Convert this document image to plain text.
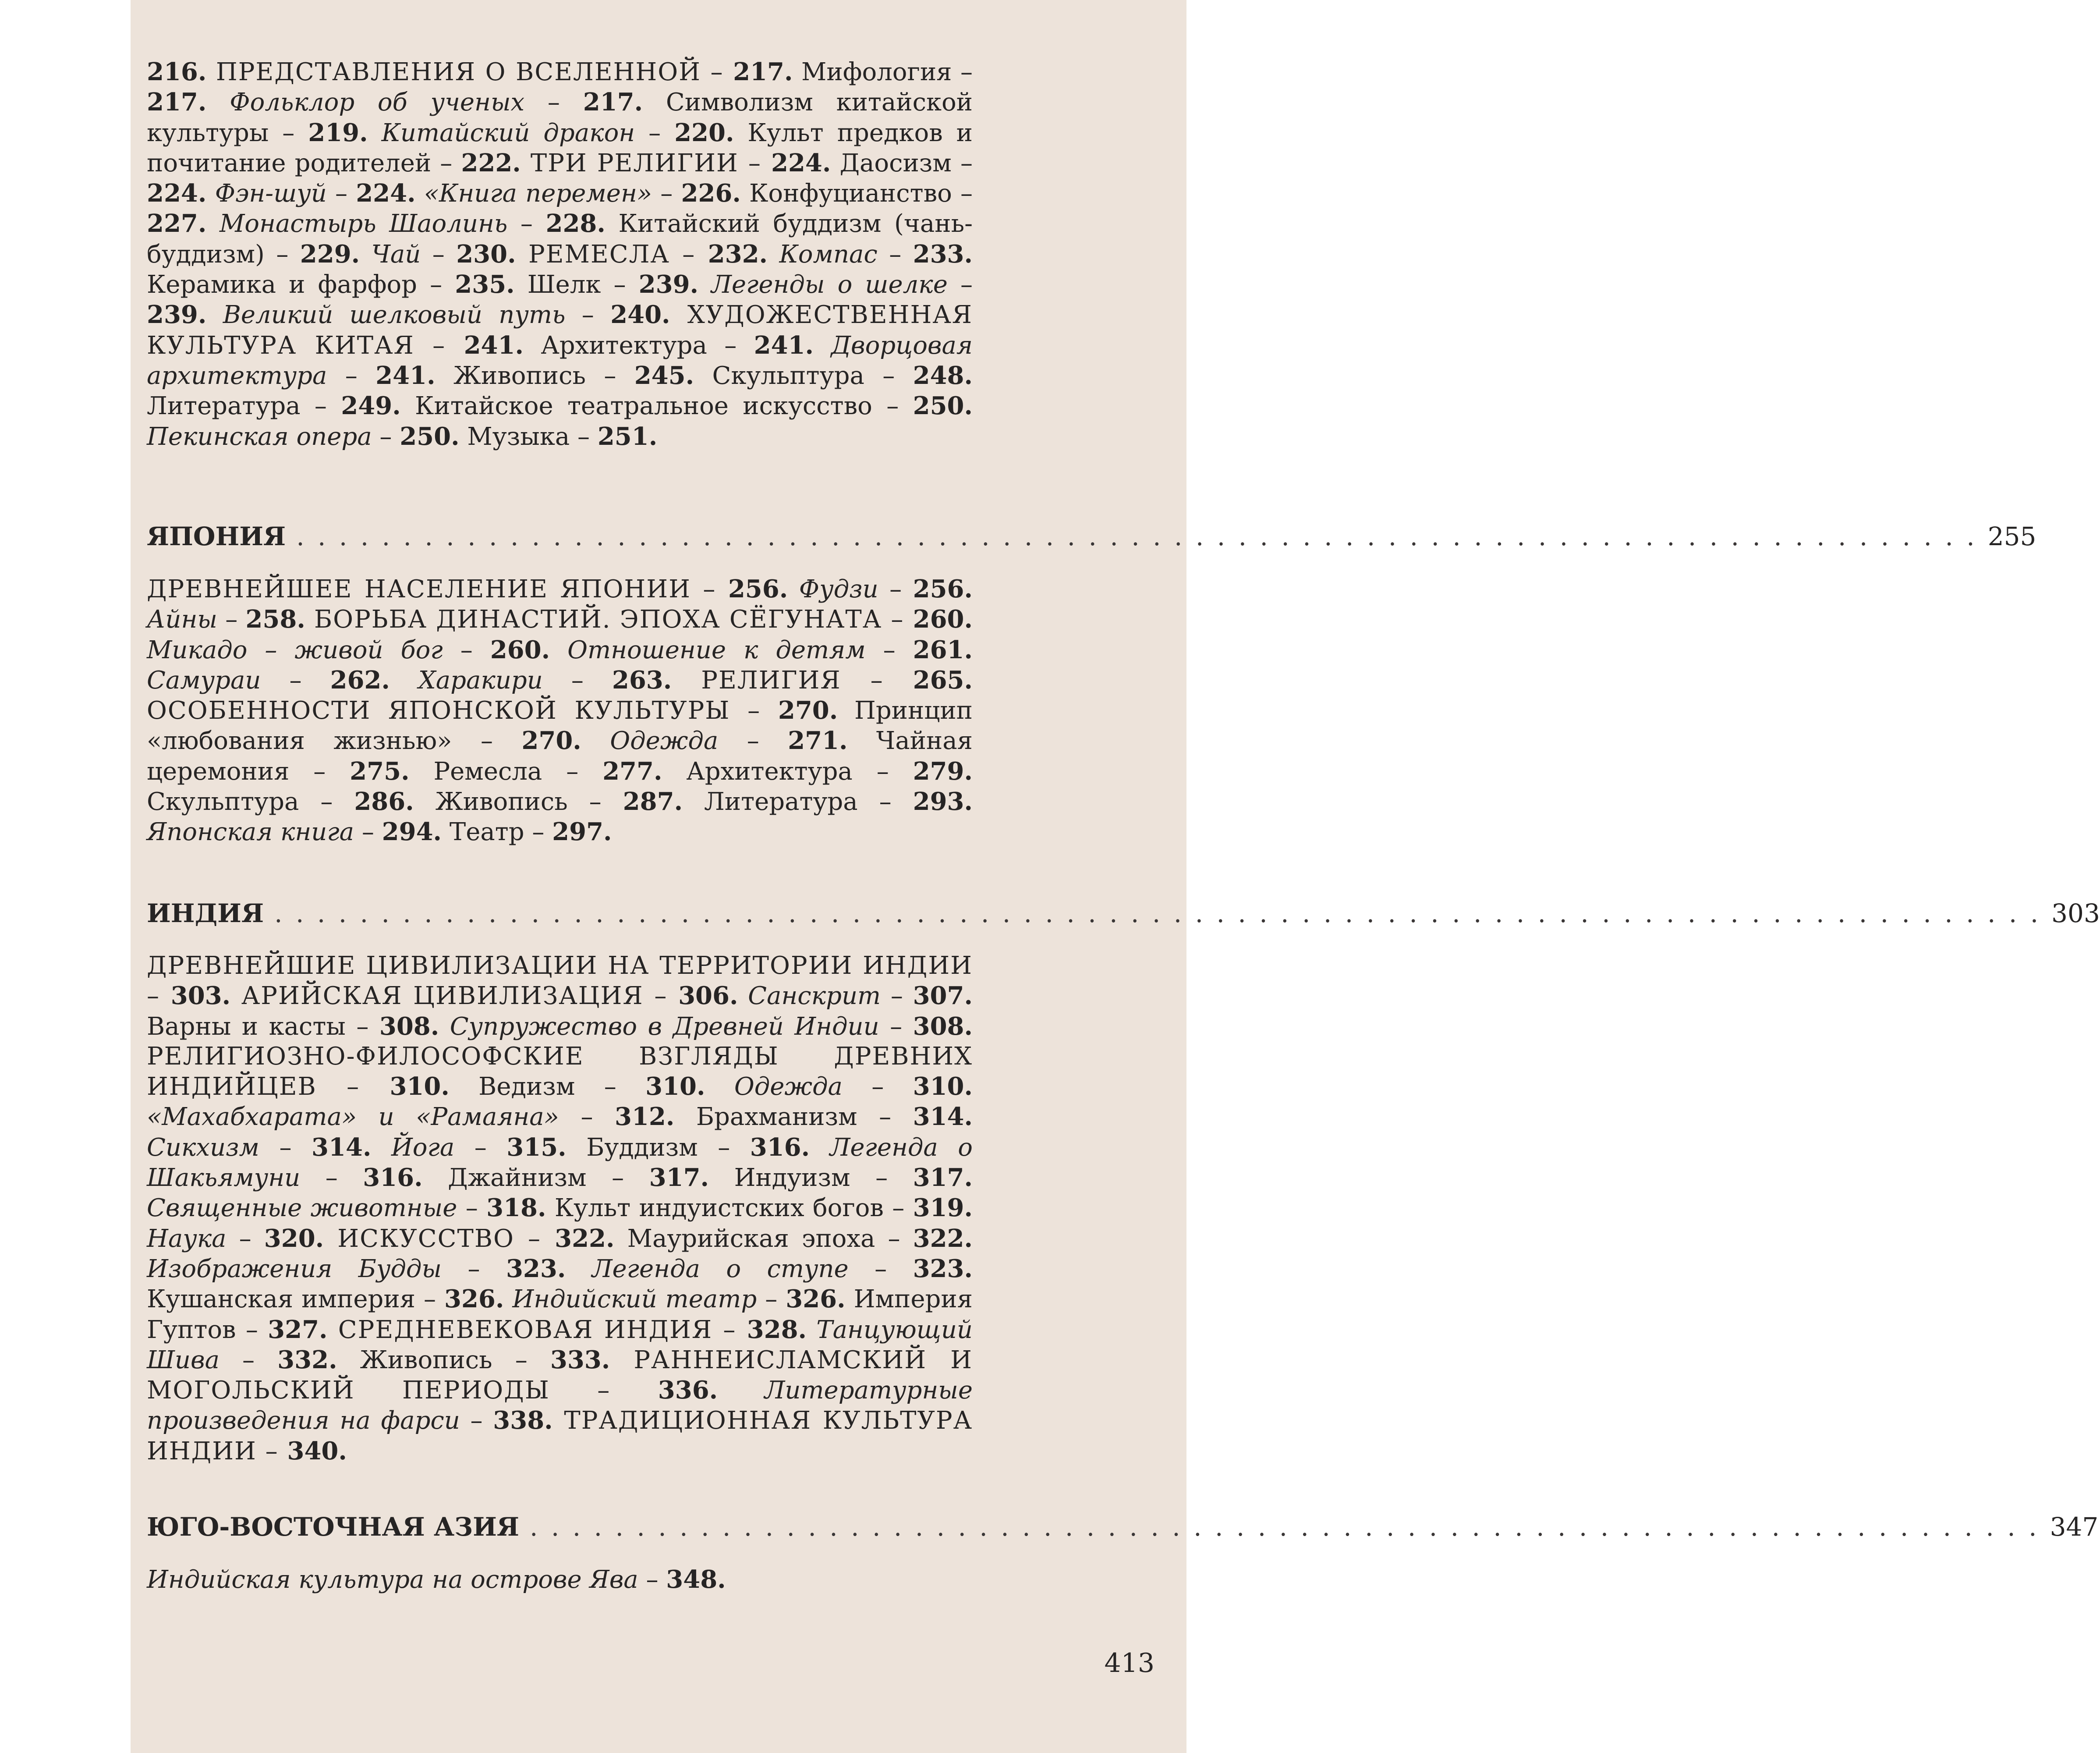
216. ПРЕДСТАВЛЕНИЯ О ВСЕЛЕННОЙ – 217. Мифология – 217. Фольклор об ученых – 217. Символизм китайской культуры – 219. Китайский дракон – 220. Культ предков и почитание родителей – 222. ТРИ РЕЛИГИИ – 224. Даосизм – 224. Фэн-шуй – 224. «Книга перемен» – 226. Конфуцианство – 227. Монастырь Шаолинь – 228. Китайский буддизм (чань-буддизм) – 229. Чай – 230. РЕМЕСЛА – 232. Компас – 233. Керамика и фарфор – 235. Шелк – 239. Легенды о шелке – 239. Великий шелковый путь – 240. ХУДОЖЕСТВЕННАЯ КУЛЬТУРА КИТАЯ – 241. Архитектура – 241. Дворцовая архитектура – 241. Живопись – 245. Скульптура – 248. Литература – 249. Китайское театральное искусство – 250. Пекинская опера – 250. Музыка – 251.
ЯПОНИЯ . . . . . . . . . . . . . . . . . . . . . . . . . . . . . . . . . . . . . . . . . . . . . . . . . . . . . . . . . . . . . . . . . . . . . . . . . . . . . . . 255
ДРЕВНЕЙШЕЕ НАСЕЛЕНИЕ ЯПОНИИ – 256. Фудзи – 256. Айны – 258. БОРЬБА ДИНАСТИЙ. ЭПОХА СЁГУНАТА – 260. Микадо – живой бог – 260. Отношение к детям – 261. Самураи – 262. Харакири – 263. РЕЛИГИЯ – 265. ОСОБЕННОСТИ ЯПОНСКОЙ КУЛЬТУРЫ – 270. Принцип «любования жизнью» – 270. Одежда – 271. Чайная церемония – 275. Ремесла – 277. Архитектура – 279. Скульптура – 286. Живопись – 287. Литература – 293. Японская книга – 294. Театр – 297.
ИНДИЯ . . . . . . . . . . . . . . . . . . . . . . . . . . . . . . . . . . . . . . . . . . . . . . . . . . . . . . . . . . . . . . . . . . . . . . . . . . . . . . . . . . . 303
ДРЕВНЕЙШИЕ ЦИВИЛИЗАЦИИ НА ТЕРРИТОРИИ ИНДИИ – 303. АРИЙСКАЯ ЦИВИЛИЗАЦИЯ – 306. Санскрит – 307. Варны и касты – 308. Супружество в Древней Индии – 308. РЕЛИГИОЗНО-ФИЛОСОФСКИЕ ВЗГЛЯДЫ ДРЕВНИХ ИНДИЙЦЕВ – 310. Ведизм – 310. Одежда – 310. «Махабхарата» и «Рамаяна» – 312. Брахманизм – 314. Сикхизм – 314. Йога – 315. Буддизм – 316. Легенда о Шакьямуни – 316. Джайнизм – 317. Индуизм – 317. Священные животные – 318. Культ индуистских богов – 319. Наука – 320. ИСКУССТВО – 322. Маурийская эпоха – 322. Изображения Будды – 323. Легенда о ступе – 323. Кушанская империя – 326. Индийский театр – 326. Империя Гуптов – 327. СРЕДНЕВЕКОВАЯ ИНДИЯ – 328. Танцующий Шива – 332. Живопись – 333. РАННЕИСЛАМСКИЙ И МОГОЛЬСКИЙ ПЕРИОДЫ – 336. Литературные произведения на фарси – 338. ТРАДИЦИОННАЯ КУЛЬТУРА ИНДИИ – 340.
ЮГО-ВОСТОЧНАЯ АЗИЯ . . . . . . . . . . . . . . . . . . . . . . . . . . . . . . . . . . . . . . . . . . . . . . . . . . . . . . . . . . . . . . . . . . . . . . . 347
Индийская культура на острове Ява – 348.
413
